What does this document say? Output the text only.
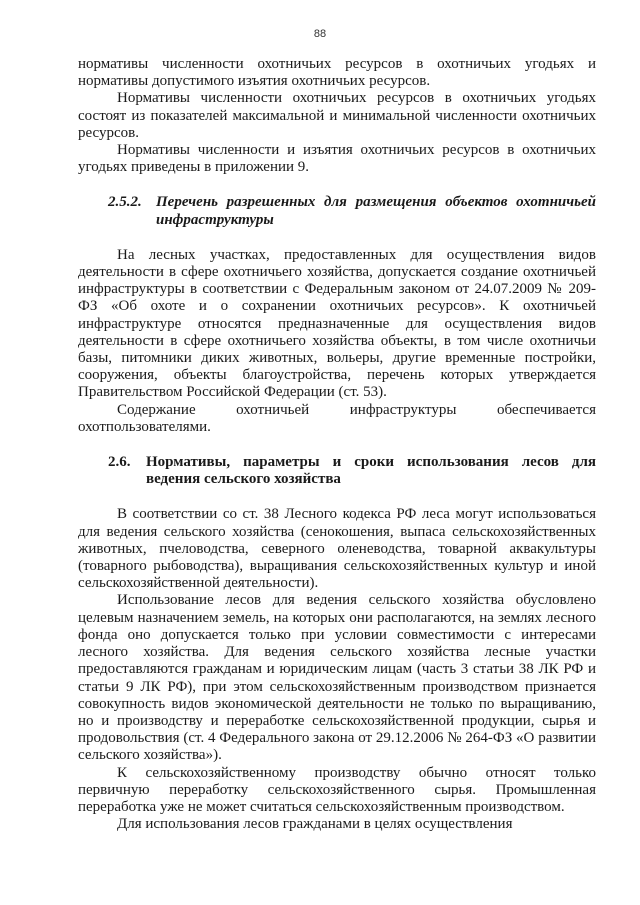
88

нормативы численности охотничьих ресурсов в охотничьих угодьях и нормативы допустимого изъятия охотничьих ресурсов.

Нормативы численности охотничьих ресурсов в охотничьих угодьях состоят из показателей максимальной и минимальной численности охотничьих ресурсов.

Нормативы численности и изъятия охотничьих ресурсов в охотничьих угодьях приведены в приложении 9.

2.5.2. Перечень разрешенных для размещения объектов охотничьей инфраструктуры

На лесных участках, предоставленных для осуществления видов деятельности в сфере охотничьего хозяйства, допускается создание охотничьей инфраструктуры в соответствии с Федеральным законом от 24.07.2009 № 209-ФЗ «Об охоте и о сохранении охотничьих ресурсов». К охотничьей инфраструктуре относятся предназначенные для осуществления видов деятельности в сфере охотничьего хозяйства объекты, в том числе охотничьи базы, питомники диких животных, вольеры, другие временные постройки, сооружения, объекты благоустройства, перечень которых утверждается Правительством Российской Федерации (ст. 53).

Содержание охотничьей инфраструктуры обеспечивается охотпользователями.

2.6.	Нормативы, параметры и сроки использования лесов для ведения сельского хозяйства

В соответствии со ст. 38 Лесного кодекса РФ леса могут использоваться для ведения сельского хозяйства (сенокошения, выпаса сельскохозяйственных животных, пчеловодства, северного оленеводства, товарной аквакультуры (товарного рыбоводства), выращивания сельскохозяйственных культур и иной сельскохозяйственной деятельности).

Использование лесов для ведения сельского хозяйства обусловлено целевым назначением земель, на которых они располагаются, на землях лесного фонда оно допускается только при условии совместимости с интересами лесного хозяйства. Для ведения сельского хозяйства лесные участки предоставляются гражданам и юридическим лицам (часть 3 статьи 38 ЛК РФ и статьи 9 ЛК РФ), при этом сельскохозяйственным производством признается совокупность видов экономической деятельности не только по выращиванию, но и производству и переработке сельскохозяйственной продукции, сырья и продовольствия (ст. 4 Федерального закона от 29.12.2006 № 264-ФЗ «О развитии сельского хозяйства»).

К сельскохозяйственному производству обычно относят только первичную переработку сельскохозяйственного сырья. Промышленная переработка уже не может считаться сельскохозяйственным производством.

Для использования лесов гражданами в целях осуществления
